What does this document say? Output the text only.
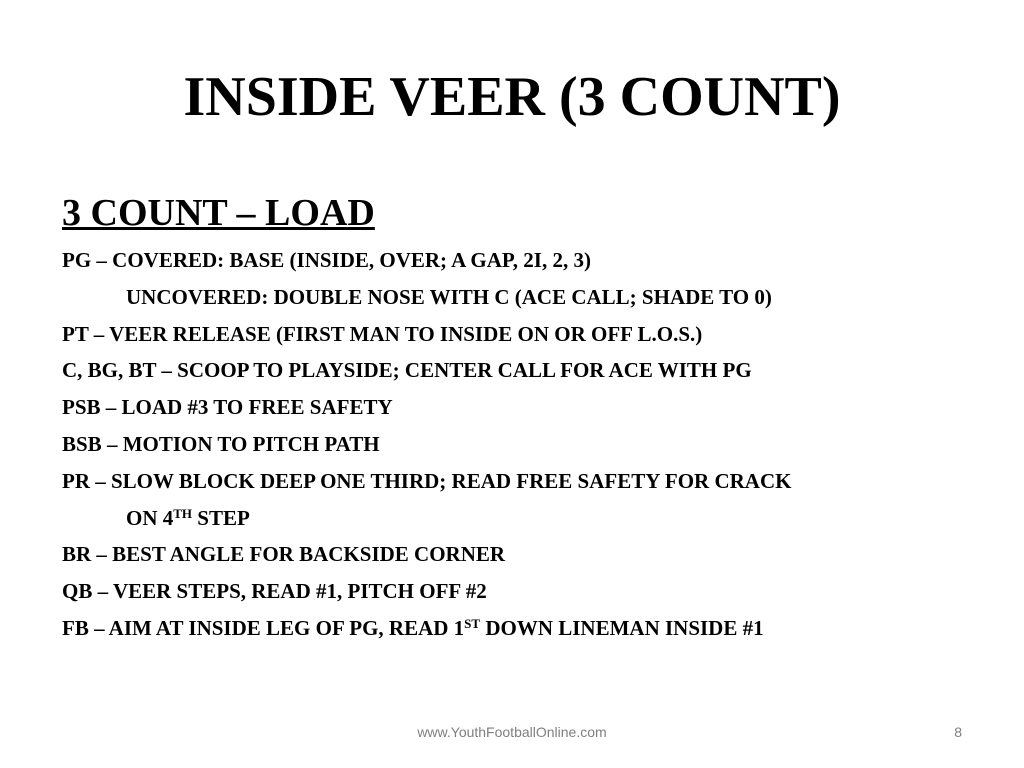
INSIDE VEER (3 COUNT)
3 COUNT – LOAD
PG – COVERED: BASE (INSIDE, OVER; A GAP, 2I, 2, 3)
UNCOVERED: DOUBLE NOSE WITH C (ACE CALL; SHADE TO 0)
PT – VEER RELEASE (FIRST MAN TO INSIDE ON OR OFF L.O.S.)
C, BG, BT – SCOOP TO PLAYSIDE; CENTER CALL FOR ACE WITH PG
PSB – LOAD #3 TO FREE SAFETY
BSB – MOTION TO PITCH PATH
PR – SLOW BLOCK DEEP ONE THIRD; READ FREE SAFETY FOR CRACK
ON 4TH STEP
BR – BEST ANGLE FOR BACKSIDE CORNER
QB – VEER STEPS, READ #1, PITCH OFF #2
FB – AIM AT INSIDE LEG OF PG, READ 1ST DOWN LINEMAN INSIDE #1
www.YouthFootballOnline.com	8
